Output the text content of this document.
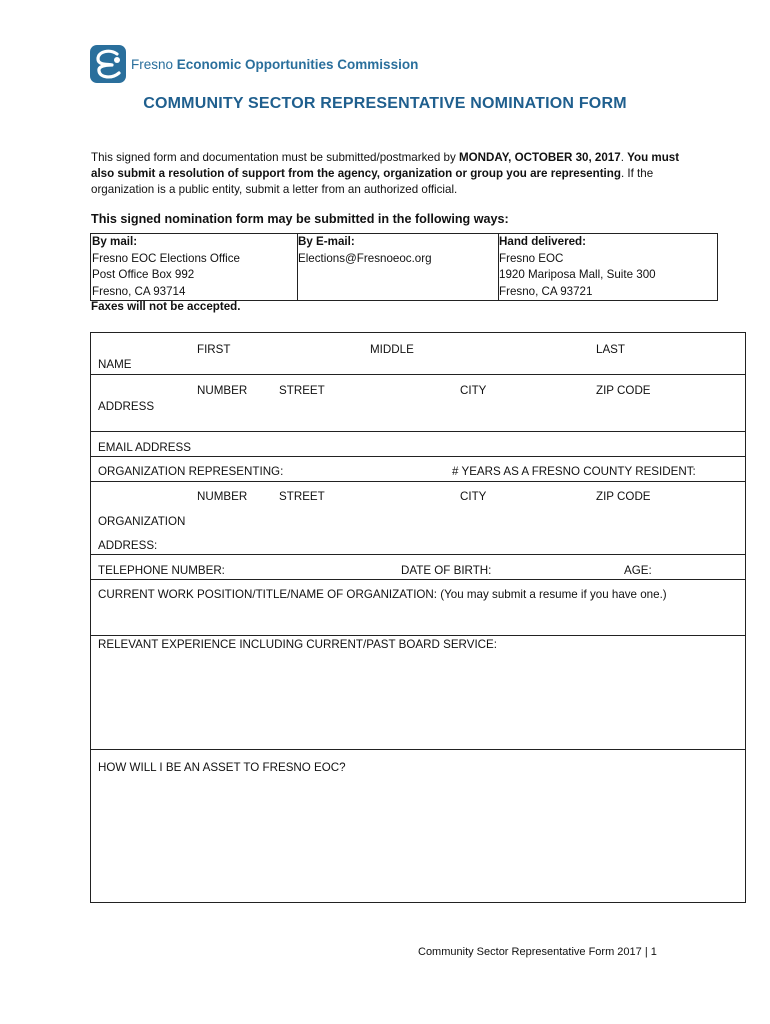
Fresno Economic Opportunities Commission
COMMUNITY SECTOR REPRESENTATIVE NOMINATION FORM
This signed form and documentation must be submitted/postmarked by MONDAY, OCTOBER 30, 2017. You must also submit a resolution of support from the agency, organization or group you are representing. If the organization is a public entity, submit a letter from an authorized official.
This signed nomination form may be submitted in the following ways:
By mail:
Fresno EOC Elections Office
Post Office Box 992
Fresno, CA 93714
By E-mail:
Elections@Fresnoeoc.org
Hand delivered:
Fresno EOC
1920 Mariposa Mall, Suite 300
Fresno, CA 93721
Faxes will not be accepted.
FIRST	MIDDLE	LAST
NAME
NUMBER	STREET	CITY	ZIP CODE
ADDRESS
EMAIL ADDRESS
ORGANIZATION REPRESENTING:	# YEARS AS A FRESNO COUNTY RESIDENT:
NUMBER	STREET	CITY	ZIP CODE
ORGANIZATION
ADDRESS:
TELEPHONE NUMBER:	DATE OF BIRTH:	AGE:
CURRENT WORK POSITION/TITLE/NAME OF ORGANIZATION: (You may submit a resume if you have one.)
RELEVANT EXPERIENCE INCLUDING CURRENT/PAST BOARD SERVICE:
HOW WILL I BE AN ASSET TO FRESNO EOC?
Community Sector Representative Form 2017 | 1
